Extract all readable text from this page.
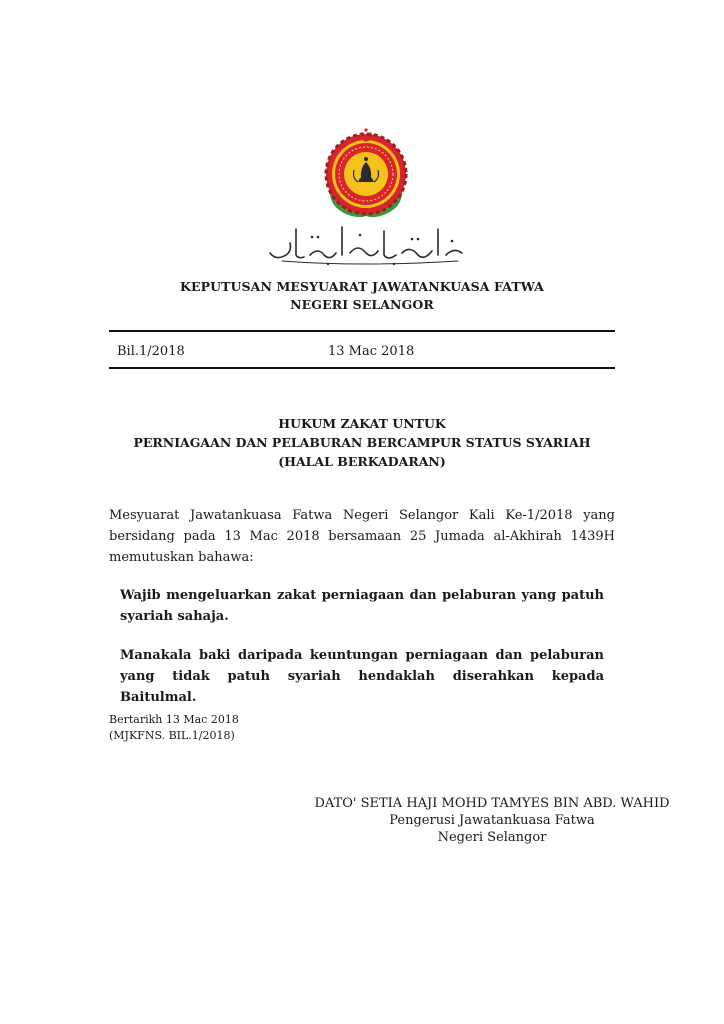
KEPUTUSAN MESYUARAT JAWATANKUASA FATWA
NEGERI SELANGOR
Bil.1/2018	13 Mac 2018
HUKUM ZAKAT UNTUK
PERNIAGAAN DAN PELABURAN BERCAMPUR STATUS SYARIAH
(HALAL BERKADARAN)
Mesyuarat Jawatankuasa Fatwa Negeri Selangor Kali Ke-1/2018 yang bersidang pada 13 Mac 2018 bersamaan 25 Jumada al-Akhirah 1439H memutuskan bahawa:
Wajib mengeluarkan zakat perniagaan dan pelaburan yang patuh syariah sahaja.
Manakala baki daripada keuntungan perniagaan dan pelaburan yang tidak patuh syariah hendaklah diserahkan kepada Baitulmal.
Bertarikh 13 Mac 2018
(MJKFNS. BIL.1/2018)
DATO' SETIA HAJI MOHD TAMYES BIN ABD. WAHID
Pengerusi Jawatankuasa Fatwa
Negeri Selangor
